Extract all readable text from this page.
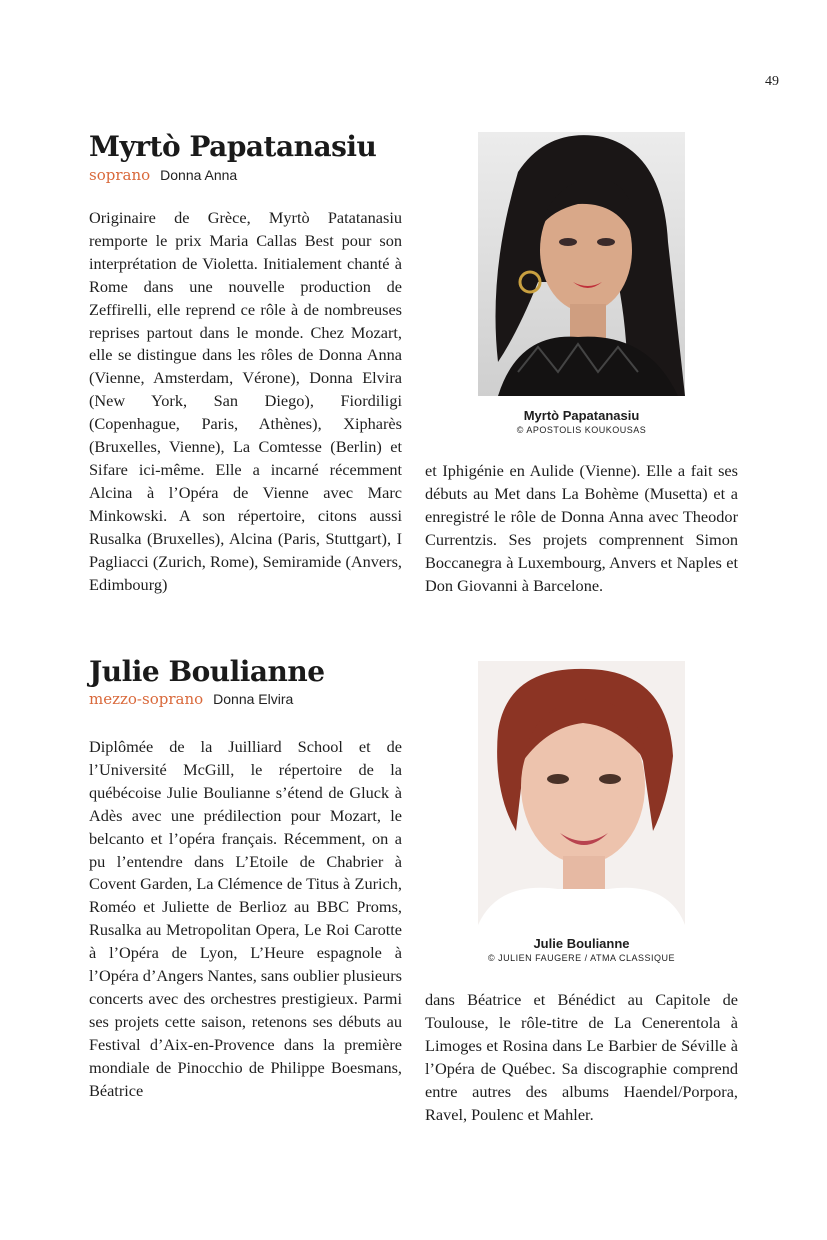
49
Myrtò Papatanasiu
soprano Donna Anna

Originaire de Grèce, Myrtò Patatanasiu remporte le prix Maria Callas Best pour son interprétation de Violetta. Initialement chanté à Rome dans une nouvelle production de Zeffirelli, elle reprend ce rôle à de nombreuses reprises partout dans le monde. Chez Mozart, elle se distingue dans les rôles de Donna Anna (Vienne, Amsterdam, Vérone), Donna Elvira (New York, San Diego), Fiordiligi (Copenhague, Paris, Athènes), Xipharès (Bruxelles, Vienne), La Comtesse (Berlin) et Sifare ici-même. Elle a incarné récemment Alcina à l’Opéra de Vienne avec Marc Minkowski. A son répertoire, citons aussi Rusalka (Bruxelles), Alcina (Paris, Stuttgart), I Pagliacci (Zurich, Rome), Semiramide (Anvers, Edimbourg)

Myrtò Papatanasiu
© APOSTOLIS KOUKOUSAS

et Iphigénie en Aulide (Vienne). Elle a fait ses débuts au Met dans La Bohème (Musetta) et a enregistré le rôle de Donna Anna avec Theodor Currentzis. Ses projets comprennent Simon Boccanegra à Luxembourg, Anvers et Naples et Don Giovanni à Barcelone.

Julie Boulianne
mezzo-soprano Donna Elvira

Diplômée de la Juilliard School et de l’Université McGill, le répertoire de la québécoise Julie Boulianne s’étend de Gluck à Adès avec une prédilection pour Mozart, le belcanto et l’opéra français. Récemment, on a pu l’entendre dans L’Etoile de Chabrier à Covent Garden, La Clémence de Titus à Zurich, Roméo et Juliette de Berlioz au BBC Proms, Rusalka au Metropolitan Opera, Le Roi Carotte à l’Opéra de Lyon, L’Heure espagnole à l’Opéra d’Angers Nantes, sans oublier plusieurs concerts avec des orchestres prestigieux. Parmi ses projets cette saison, retenons ses débuts au Festival d’Aix-en-Provence dans la première mondiale de Pinocchio de Philippe Boesmans, Béatrice

Julie Boulianne
© JULIEN FAUGERE / ATMA CLASSIQUE

dans Béatrice et Bénédict au Capitole de Toulouse, le rôle-titre de La Cenerentola à Limoges et Rosina dans Le Barbier de Séville à l’Opéra de Québec. Sa discographie comprend entre autres des albums Haendel/Porpora, Ravel, Poulenc et Mahler.
